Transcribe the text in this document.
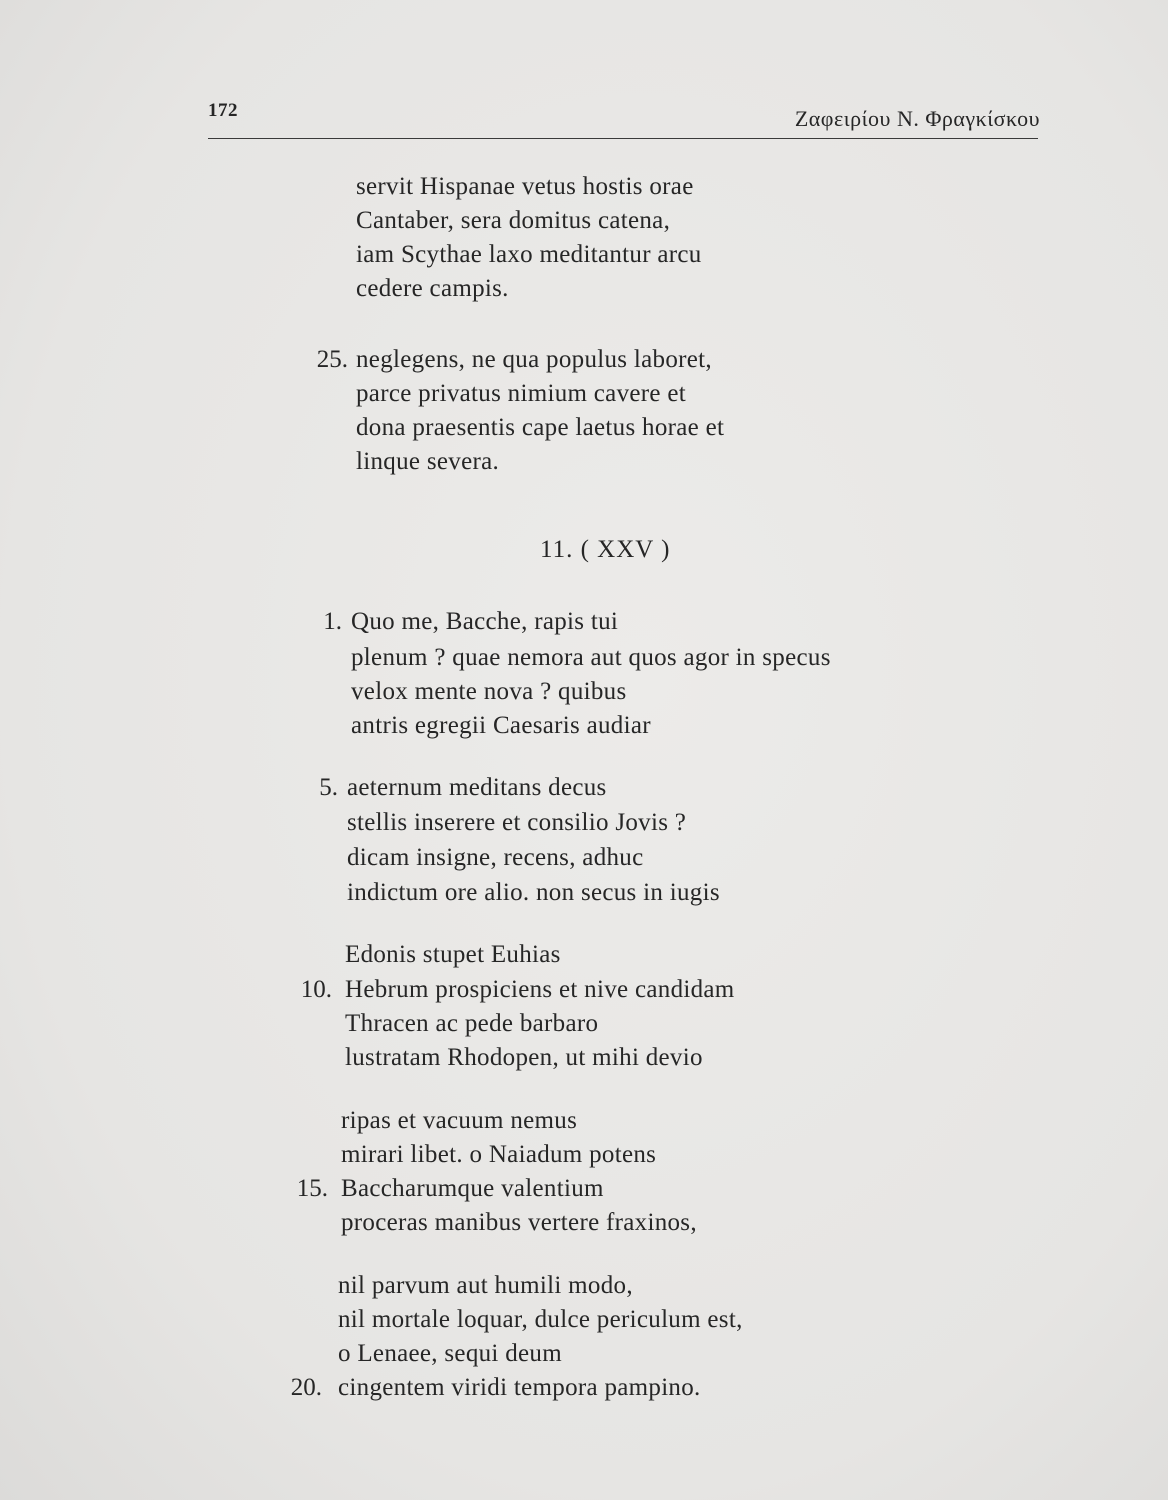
172	Ζαφειρίου Ν. Φραγκίσκου
servit Hispanae vetus hostis orae
Cantaber, sera domitus catena,
iam Scythae laxo meditantur arcu
cedere campis.
25. neglegens, ne qua populus laboret,
parce privatus nimium cavere et
dona praesentis cape laetus horae et
linque severa.
11. ( XXV )
1. Quo me, Bacche, rapis tui
plenum ? quae nemora aut quos agor in specus
velox mente nova ? quibus
antris egregii Caesaris audiar
5. aeternum meditans decus
stellis inserere et consilio Jovis ?
dicam insigne, recens, adhuc
indictum ore alio. non secus in iugis
Edonis stupet Euhias
10. Hebrum prospiciens et nive candidam
Thracen ac pede barbaro
lustratam Rhodopen, ut mihi devio
ripas et vacuum nemus
mirari libet. o Naiadum potens
15. Baccharumque valentium
proceras manibus vertere fraxinos,
nil parvum aut humili modo,
nil mortale loquar, dulce periculum est,
o Lenaee, sequi deum
20. cingentem viridi tempora pampino.
